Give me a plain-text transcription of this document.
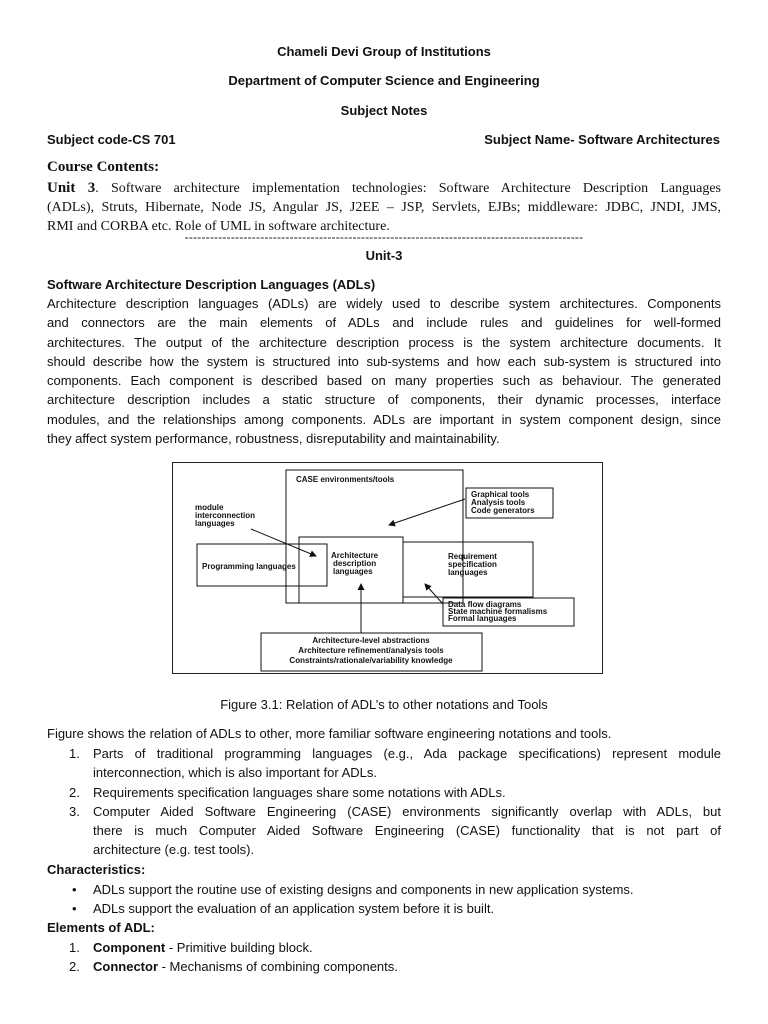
Chameli Devi Group of Institutions
Department of Computer Science and Engineering
Subject Notes
Subject code-CS 701	Subject Name- Software Architectures
Course Contents:
Unit 3. Software architecture implementation technologies: Software Architecture Description Languages
(ADLs), Struts, Hibernate, Node JS, Angular JS, J2EE – JSP, Servlets, EJBs; middleware: JDBC, JNDI, JMS,
RMI and CORBA etc. Role of UML in software architecture.
-----------------------------------------------------------------------------------------------
Unit-3
Software Architecture Description Languages (ADLs)
Architecture description languages (ADLs) are widely used to describe system architectures. Components
and connectors are the main elements of ADLs and include rules and guidelines for well-formed
architectures. The output of the architecture description process is the system architecture documents. It
should describe how the system is structured into sub-systems and how each sub-system is structured into
components. Each component is described based on many properties such as behaviour. The generated
architecture description includes a static structure of components, their dynamic processes, interface
modules, and the relationships among components. ADLs are important in system component design, since
they affect system performance, robustness, disreputability and maintainability.
CASE environments/tools
Programming languages
Architecture
description
languages
Requirement
specification
languages
Graphical tools
Analysis tools
Code generators
Data flow diagrams
State machine formalisms
Formal languages
Architecture-level abstractions
Architecture refinement/analysis tools
Constraints/rationale/variability knowledge
module
interconnection
languages
Figure 3.1: Relation of ADL’s to other notations and Tools
Figure shows the relation of ADLs to other, more familiar software engineering notations and tools.
1. Parts of traditional programming languages (e.g., Ada package specifications) represent module
interconnection, which is also important for ADLs.
2. Requirements specification languages share some notations with ADLs.
3. Computer Aided Software Engineering (CASE) environments significantly overlap with ADLs, but
there is much Computer Aided Software Engineering (CASE) functionality that is not part of
architecture (e.g. test tools).
Characteristics:
• ADLs support the routine use of existing designs and components in new application systems.
• ADLs support the evaluation of an application system before it is built.
Elements of ADL:
1. Component - Primitive building block.
2. Connector - Mechanisms of combining components.
